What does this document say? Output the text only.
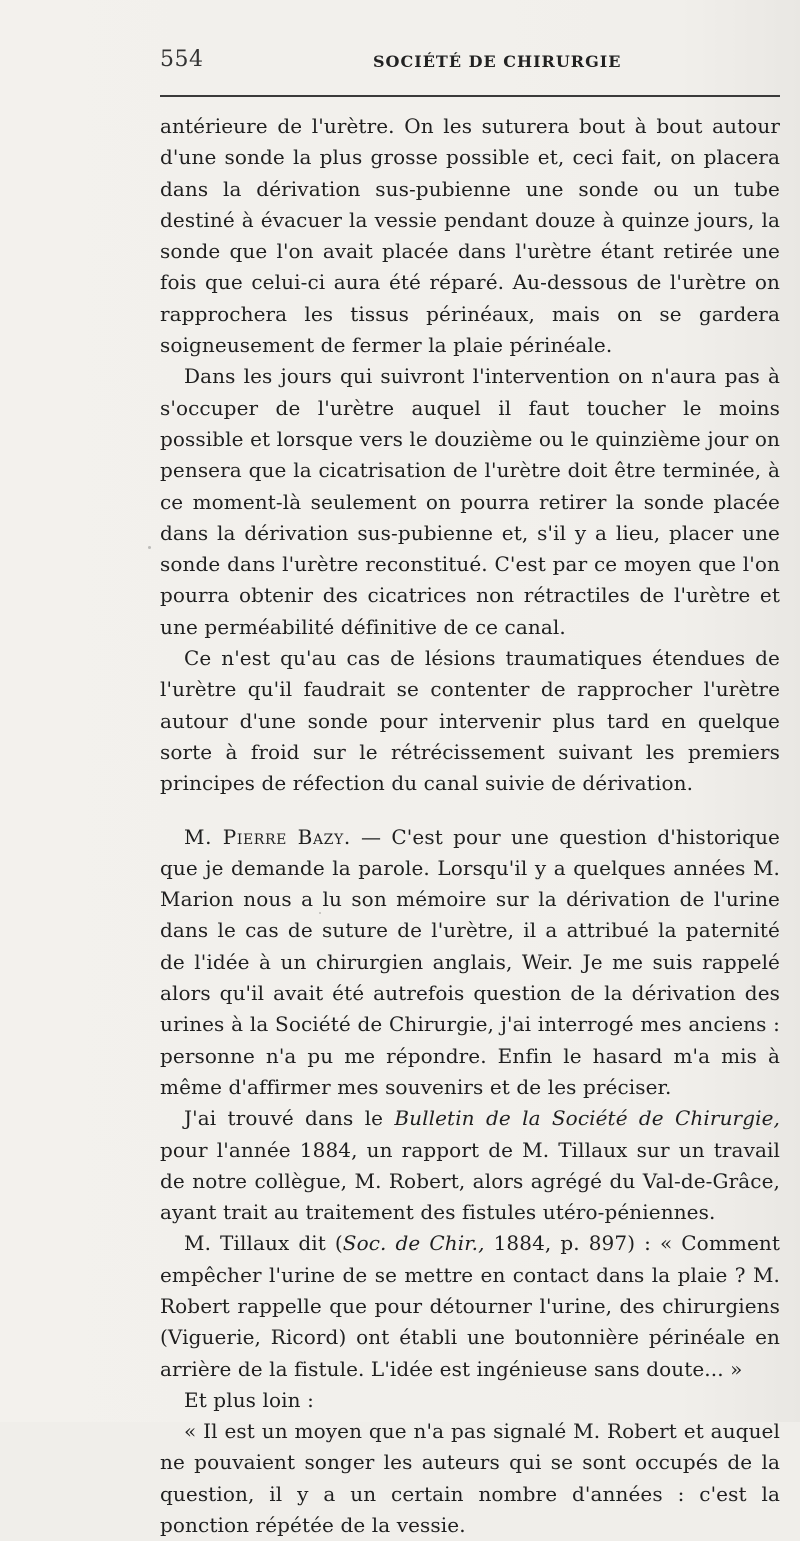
554	SOCIÉTÉ DE CHIRURGIE

antérieure de l'urètre. On les suturera bout à bout autour d'une sonde la plus grosse possible et, ceci fait, on placera dans la dérivation sus-pubienne une sonde ou un tube destiné à évacuer la vessie pendant douze à quinze jours, la sonde que l'on avait placée dans l'urètre étant retirée une fois que celui-ci aura été réparé. Au-dessous de l'urètre on rapprochera les tissus périnéaux, mais on se gardera soigneusement de fermer la plaie périnéale.

Dans les jours qui suivront l'intervention on n'aura pas à s'occuper de l'urètre auquel il faut toucher le moins possible et lorsque vers le douzième ou le quinzième jour on pensera que la cicatrisation de l'urètre doit être terminée, à ce moment-là seulement on pourra retirer la sonde placée dans la dérivation sus-pubienne et, s'il y a lieu, placer une sonde dans l'urètre reconstitué. C'est par ce moyen que l'on pourra obtenir des cicatrices non rétractiles de l'urètre et une perméabilité définitive de ce canal.

Ce n'est qu'au cas de lésions traumatiques étendues de l'urètre qu'il faudrait se contenter de rapprocher l'urètre autour d'une sonde pour intervenir plus tard en quelque sorte à froid sur le rétrécissement suivant les premiers principes de réfection du canal suivie de dérivation.

M. Pierre Bazy. — C'est pour une question d'historique que je demande la parole. Lorsqu'il y a quelques années M. Marion nous a lu son mémoire sur la dérivation de l'urine dans le cas de suture de l'urètre, il a attribué la paternité de l'idée à un chirurgien anglais, Weir. Je me suis rappelé alors qu'il avait été autrefois question de la dérivation des urines à la Société de Chirurgie, j'ai interrogé mes anciens : personne n'a pu me répondre. Enfin le hasard m'a mis à même d'affirmer mes souvenirs et de les préciser.

J'ai trouvé dans le Bulletin de la Société de Chirurgie, pour l'année 1884, un rapport de M. Tillaux sur un travail de notre collègue, M. Robert, alors agrégé du Val-de-Grâce, ayant trait au traitement des fistules utéro-péniennes.

M. Tillaux dit (Soc. de Chir., 1884, p. 897) : « Comment empêcher l'urine de se mettre en contact dans la plaie ? M. Robert rappelle que pour détourner l'urine, des chirurgiens (Viguerie, Ricord) ont établi une boutonnière périnéale en arrière de la fistule. L'idée est ingénieuse sans doute... »

Et plus loin :

« Il est un moyen que n'a pas signalé M. Robert et auquel ne pouvaient songer les auteurs qui se sont occupés de la question, il y a un certain nombre d'années : c'est la ponction répétée de la vessie.
